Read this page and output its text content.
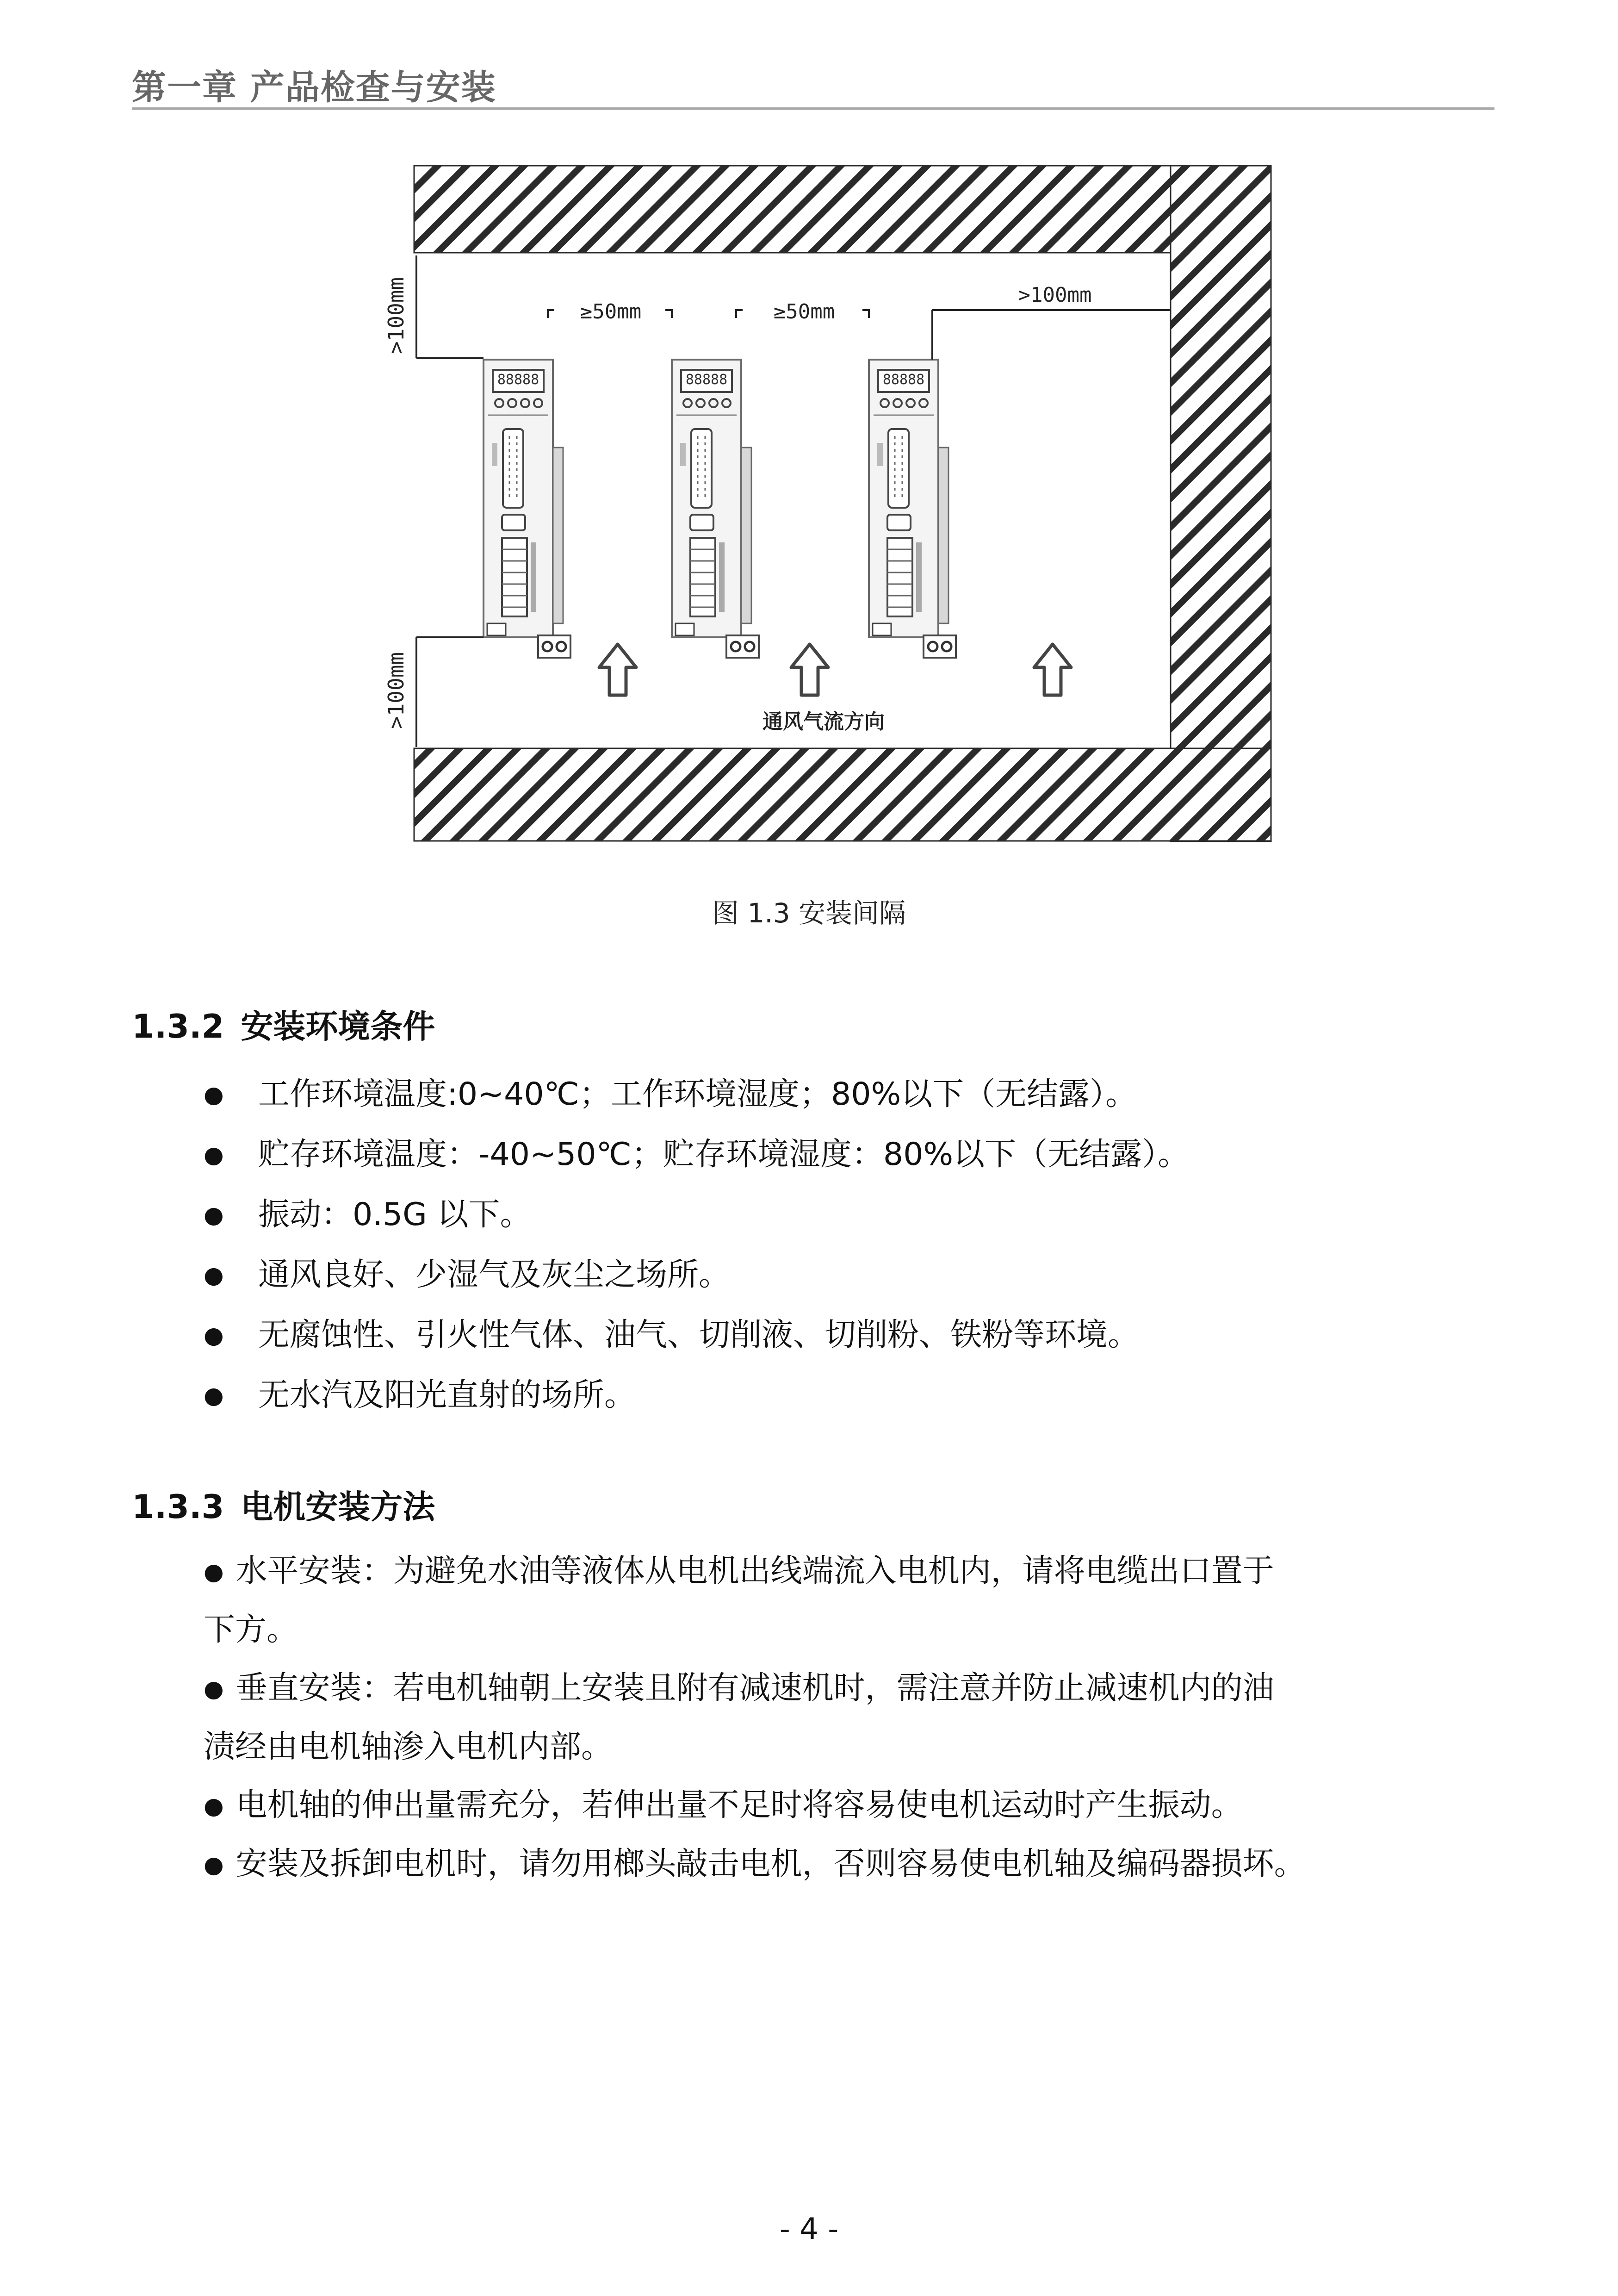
第一章 产品检查与安装
88888	88888	88888
>100mm
>100mm
≥50mm	≥50mm
>100mm
通风气流方向
图 1.3 安装间隔
1.3.2 安装环境条件
● 工作环境温度:0~40℃；工作环境湿度；80%以下（无结露）。
● 贮存环境温度：-40~50℃；贮存环境湿度：80%以下（无结露）。
● 振动：0.5G 以下。
● 通风良好、少湿气及灰尘之场所。
● 无腐蚀性、引火性气体、油气、切削液、切削粉、铁粉等环境。
● 无水汽及阳光直射的场所。
1.3.3 电机安装方法
● 水平安装：为避免水油等液体从电机出线端流入电机内，请将电缆出口置于
下方。
● 垂直安装：若电机轴朝上安装且附有减速机时，需注意并防止减速机内的油
渍经由电机轴渗入电机内部。
● 电机轴的伸出量需充分，若伸出量不足时将容易使电机运动时产生振动。
● 安装及拆卸电机时，请勿用榔头敲击电机，否则容易使电机轴及编码器损坏。
- 4 -
